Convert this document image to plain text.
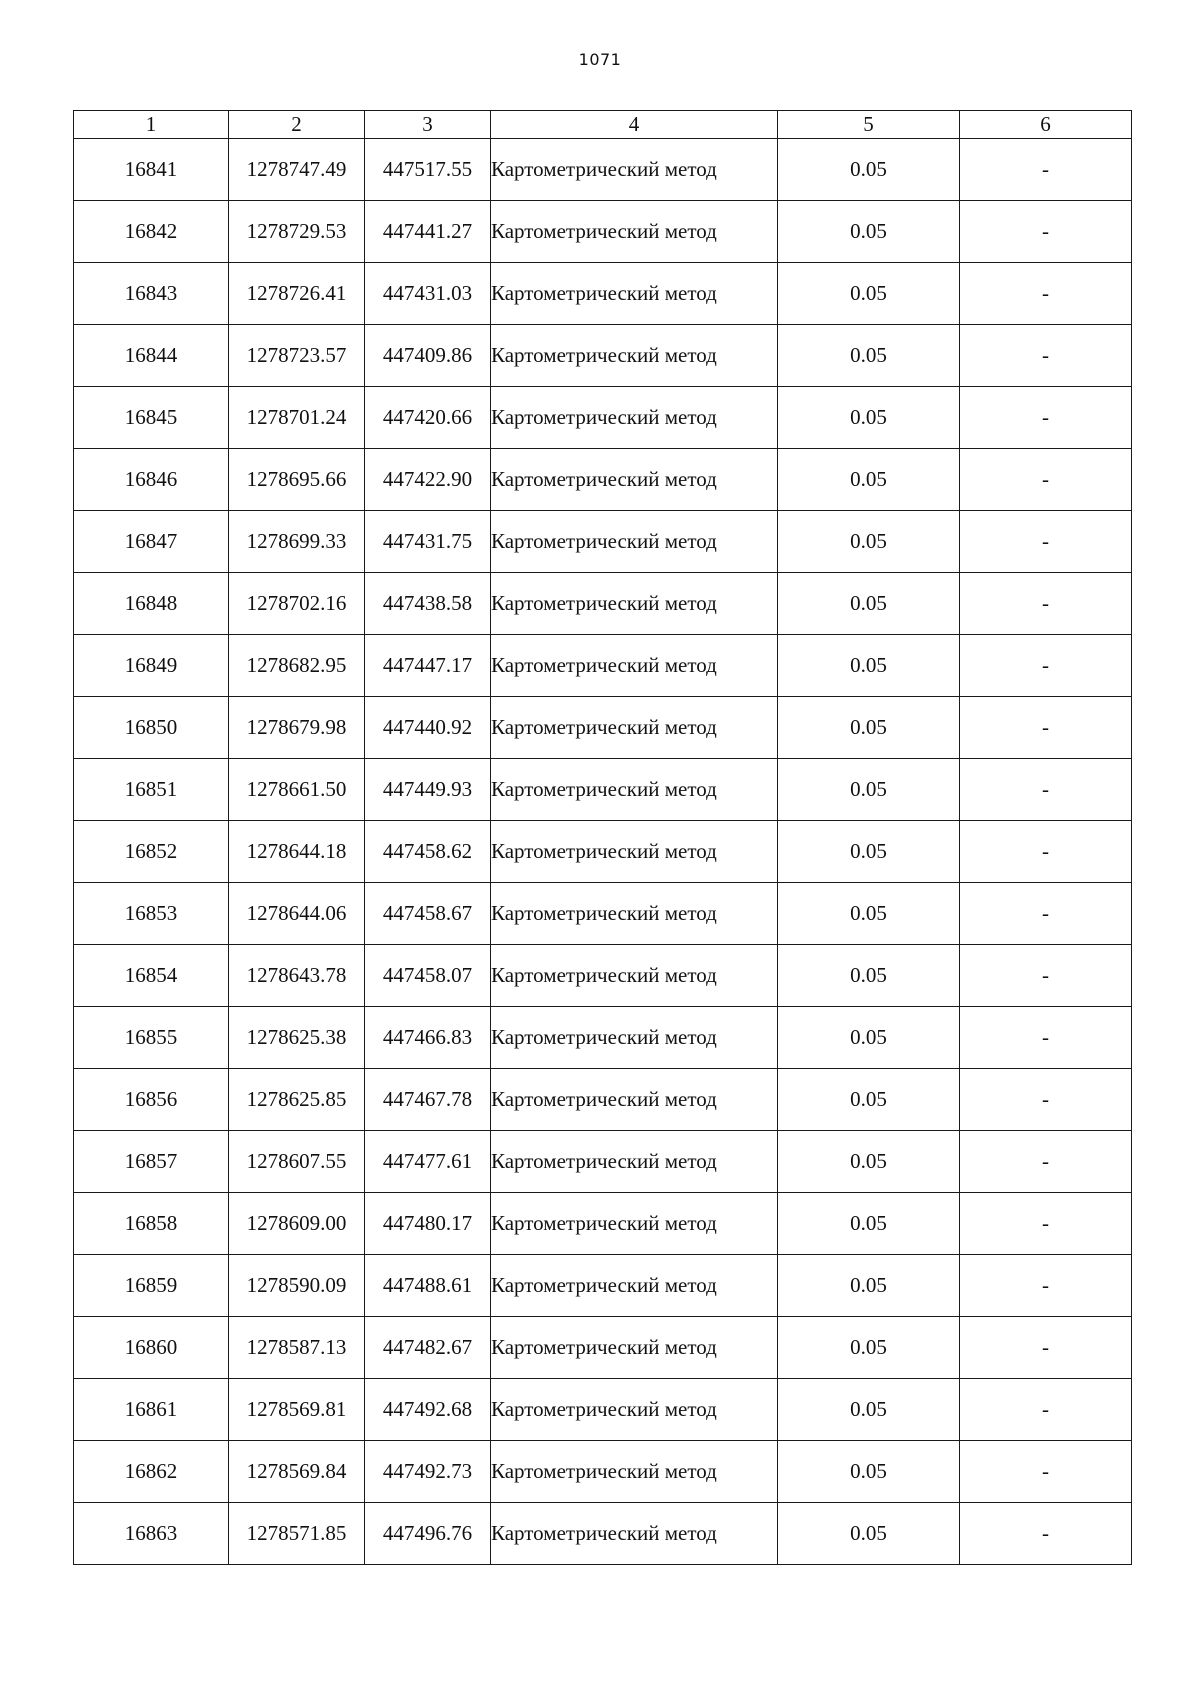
1071
1	2	3	4	5	6
16841	1278747.49	447517.55	Картометрический метод	0.05	-
16842	1278729.53	447441.27	Картометрический метод	0.05	-
16843	1278726.41	447431.03	Картометрический метод	0.05	-
16844	1278723.57	447409.86	Картометрический метод	0.05	-
16845	1278701.24	447420.66	Картометрический метод	0.05	-
16846	1278695.66	447422.90	Картометрический метод	0.05	-
16847	1278699.33	447431.75	Картометрический метод	0.05	-
16848	1278702.16	447438.58	Картометрический метод	0.05	-
16849	1278682.95	447447.17	Картометрический метод	0.05	-
16850	1278679.98	447440.92	Картометрический метод	0.05	-
16851	1278661.50	447449.93	Картометрический метод	0.05	-
16852	1278644.18	447458.62	Картометрический метод	0.05	-
16853	1278644.06	447458.67	Картометрический метод	0.05	-
16854	1278643.78	447458.07	Картометрический метод	0.05	-
16855	1278625.38	447466.83	Картометрический метод	0.05	-
16856	1278625.85	447467.78	Картометрический метод	0.05	-
16857	1278607.55	447477.61	Картометрический метод	0.05	-
16858	1278609.00	447480.17	Картометрический метод	0.05	-
16859	1278590.09	447488.61	Картометрический метод	0.05	-
16860	1278587.13	447482.67	Картометрический метод	0.05	-
16861	1278569.81	447492.68	Картометрический метод	0.05	-
16862	1278569.84	447492.73	Картометрический метод	0.05	-
16863	1278571.85	447496.76	Картометрический метод	0.05	-
